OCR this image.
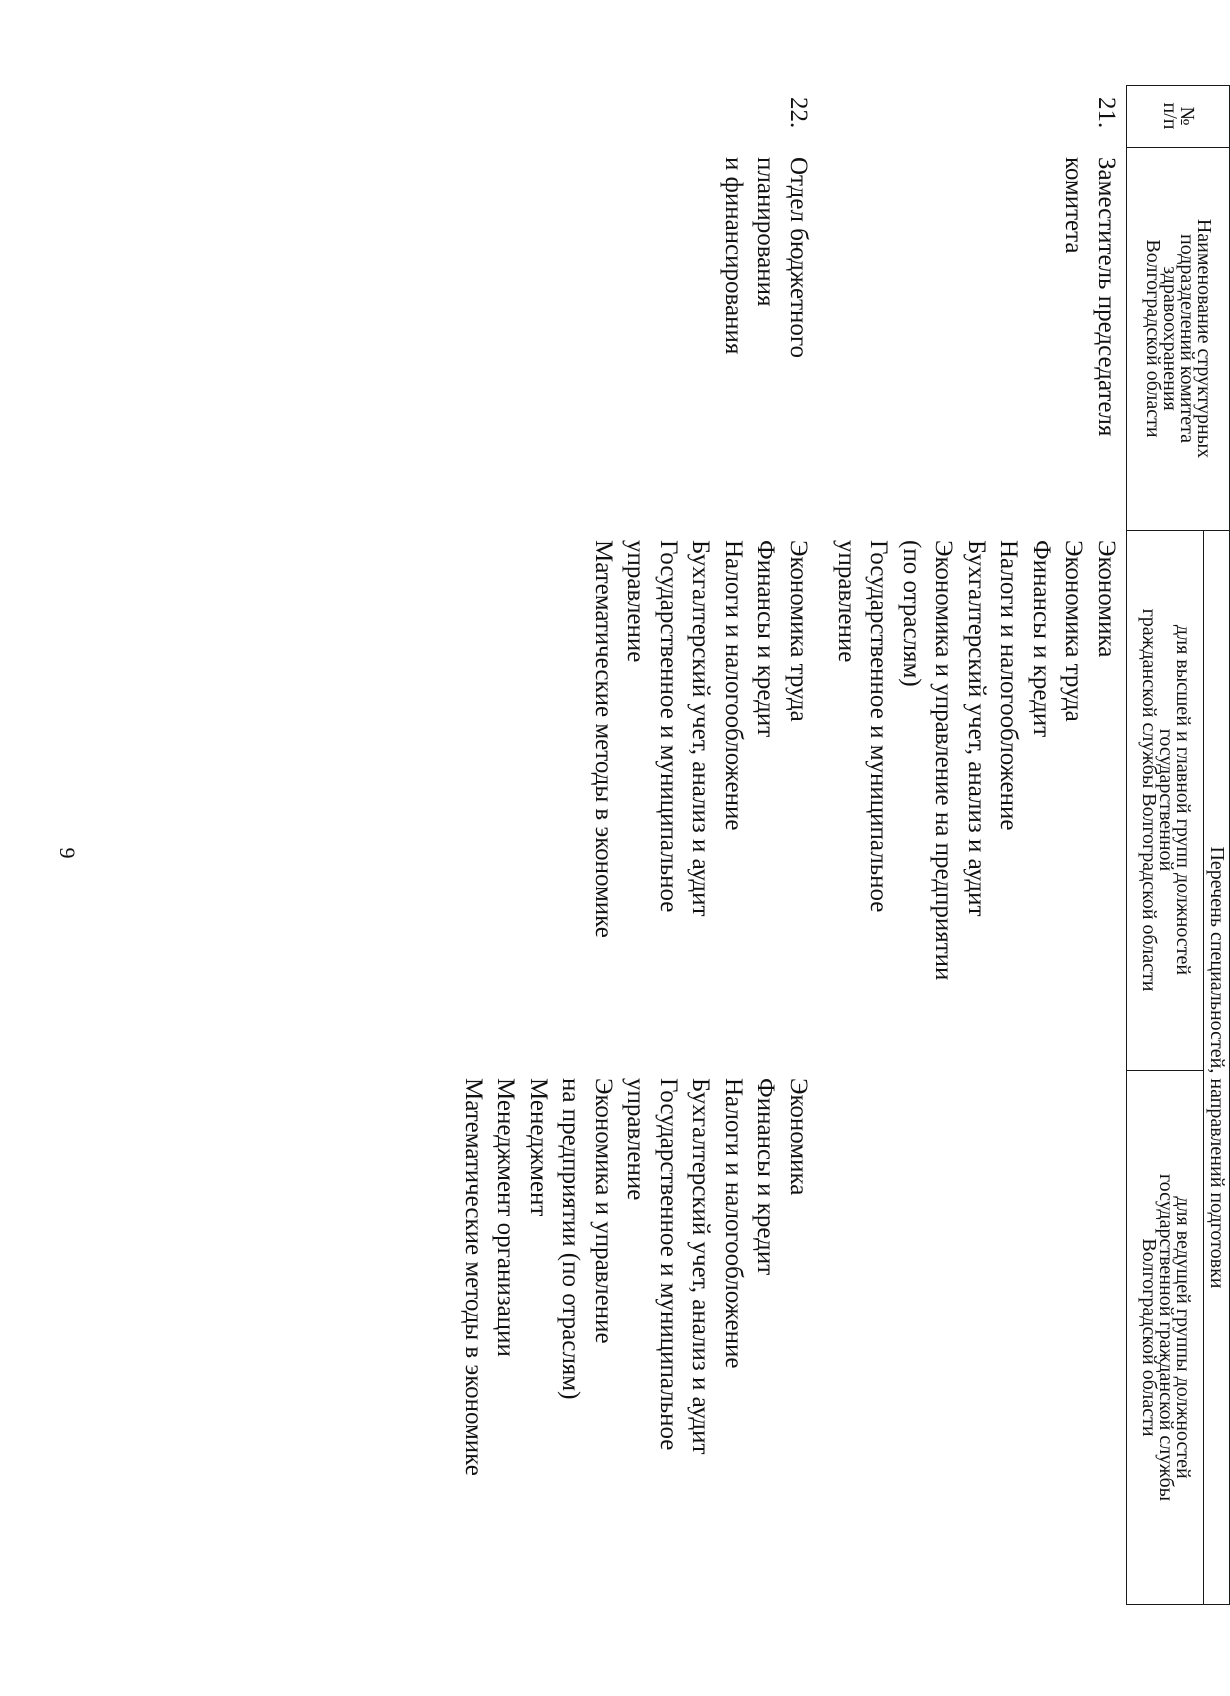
9
№
п/п
Наименование структурных
подразделений комитета
здравоохранения
Волгоградской области
Перечень специальностей, направлений подготовки
для высшей и главной групп должностей
государственной
гражданской службы Волгоградской области
для ведущей группы должностей
государственной гражданской службы
Волгоградской области
21.
Заместитель председателя
комитета
Экономика
Экономика труда
Финансы и кредит
Налоги и налогообложение
Бухгалтерский учет, анализ и аудит
Экономика и управление на предприятии
(по отраслям)
Государственное и муниципальное
управление
22.
Отдел бюджетного
планирования
и финансирования
Экономика труда
Финансы и кредит
Налоги и налогообложение
Бухгалтерский учет, анализ и аудит
Государственное и муниципальное
управление
Математические методы в экономике
Экономика
Финансы и кредит
Налоги и налогообложение
Бухгалтерский учет, анализ и аудит
Государственное и муниципальное
управление
Экономика и управление
на предприятии (по отраслям)
Менеджмент
Менеджмент организации
Математические методы в экономике
